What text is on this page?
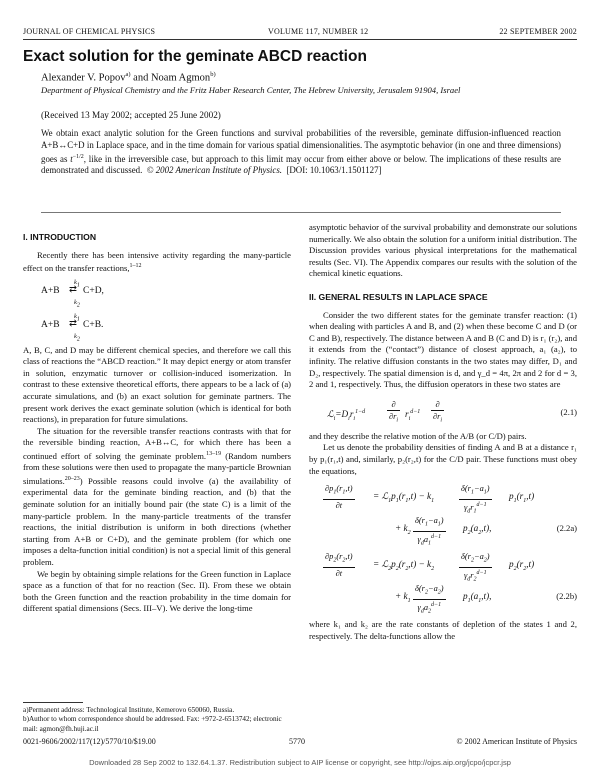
JOURNAL OF CHEMICAL PHYSICS	VOLUME 117, NUMBER 12	22 SEPTEMBER 2002
Exact solution for the geminate ABCD reaction
Alexander V. Popov$^{a)}$ and Noam Agmon$^{b)}$
Department of Physical Chemistry and the Fritz Haber Research Center, The Hebrew University, Jerusalem 91904, Israel
(Received 13 May 2002; accepted 25 June 2002)
We obtain exact analytic solution for the Green functions and survival probabilities of the reversible, geminate diffusion-influenced reaction A+B↔C+D in Laplace space, and in the time domain for various spatial dimensionalities. The asymptotic behavior (in one and three dimensions) goes as $t^{-1/2}$, like in the irreversible case, but approach to this limit may occur from either above or below. The implications of these results are demonstrated and discussed. © 2002 American Institute of Physics. [DOI: 10.1063/1.1501127]
I. INTRODUCTION

Recently there has been intensive activity regarding the many-particle effect on the transfer reactions,$^{1-12}$

$k_1$
A+B ⇄ C+D,
$k_2$
$k_1$
A+B ⇄ C+B.
$k_2$

A, B, C, and D may be different chemical species, and therefore we call this class of reactions the “ABCD reaction.” It may depict energy or atom transfer in solution, enzymatic turnover or collision-induced isomerization. In contrast to these extensive theoretical efforts, there appears to be a lack of (a) accurate simulations, and (b) an exact solution for geminate partners. The present work derives the exact geminate solution (which is identical for both reactions), in preparation for future simulations.

The situation for the reversible transfer reactions contrasts with that for the reversible binding reaction, A+B↔C, for which there has been a continued effort of solving the geminate problem.$^{13-19}$ (Random numbers from these solutions were then used to propagate the many-particle Brownian simulations.$^{20-23}$) Possible reasons could involve (a) the availability of experimental data for the geminate binding reaction, and (b) that the geminate solution for an initially bound pair (the state C) is a limit of the many-particle problem. In the many-particle treatments of the transfer reactions, the initial distribution is uniform in both directions (whether starting from A+B or C+D), and the geminate problem (for which one imposes a delta-function initial condition) is not a special limit of this general problem.

We begin by obtaining simple relations for the Green function in Laplace space as a function of that for no reaction (Sec. II). From these we obtain both the Green function and the reaction probability in the time domain for different spatial dimensions (Secs. III–V). We derive the long-time

asymptotic behavior of the survival probability and demonstrate our solutions numerically. We also obtain the solution for a uniform initial distribution. The Discussion provides various physical interpretations for the mathematical results (Sec. VI). The Appendix compares our results with the solution of the chemical kinetic equations.

II. GENERAL RESULTS IN LAPLACE SPACE

Consider the two different states for the geminate transfer reaction: (1) when dealing with particles A and B, and (2) when these become C and D (or C and B), respectively. The distance between A and B (C and D) is r₁ (r₂), and it extends from the (“contact”) distance of closest approach, a₁ (a₂), to infinity. The relative diffusion constants in the two states may differ, D₁ and D₂, respectively. The spatial dimension is d, and γ_d = 4π, 2π and 2 for d = 3, 2 and 1, respectively. Thus, the diffusion operators in these two states are

$ℒ_i=D_ir_i^{1-d}$
∂
$\partial r_i$
$r_i^{d-1}$
∂
$\partial r_i$
(2.1)

and they describe the relative motion of the A/B (or C/D) pairs.

Let us denote the probability densities of finding A and B at a distance r₁ by p₁(r₁,t) and, similarly, p₂(r₂,t) for the C/D pair. These functions must obey the equations,

$\frac{\partial p_1(r_1,t)}{\partial t}$ = $ℒ_1p_1(r_1,t) - k_1$
$\delta(r_1-a_1)$
$\gamma_dr_1^{d-1}$
$p_1(r_1,t)$
+ $k_2$
$\delta(r_1-a_1)$
$\gamma_da_1^{d-1}$
$p_2(a_2,t)$,	(2.2a)
$\frac{\partial p_2(r_2,t)}{\partial t}$ = $ℒ_2p_2(r_2,t) - k_2$
$\delta(r_2-a_2)$
$\gamma_dr_2^{d-1}$
$p_2(r_2,t)$
+ $k_1$
$\delta(r_2-a_2)$
$\gamma_da_2^{d-1}$
$p_1(a_1,t)$,	(2.2b)

where k₁ and k₂ are the rate constants of depletion of the states 1 and 2, respectively. The delta-functions allow the

a)Permanent address: Technological Institute, Kemerovo 650060, Russia.
b)Author to whom correspondence should be addressed. Fax: +972-2-6513742; electronic mail: agmon@fh.huji.ac.il
0021-9606/2002/117(12)/5770/10/$19.00	5770	© 2002 American Institute of Physics
Downloaded 28 Sep 2002 to 132.64.1.37. Redistribution subject to AIP license or copyright, see http://ojps.aip.org/jcpo/jcpcr.jsp
